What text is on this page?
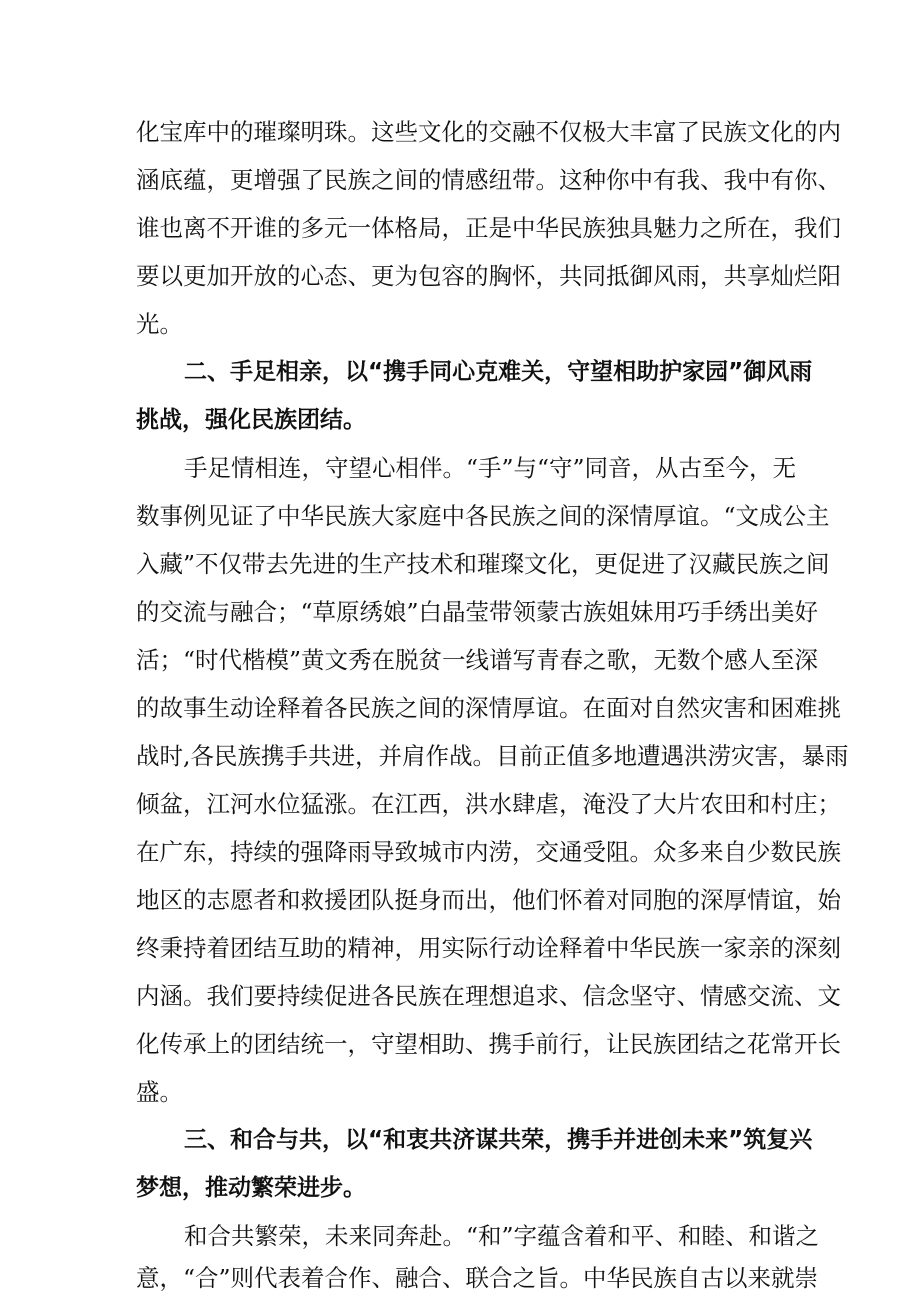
化宝库中的璀璨明珠。这些文化的交融不仅极大丰富了民族文化的内
涵底蕴，更增强了民族之间的情感纽带。这种你中有我、我中有你、
谁也离不开谁的多元一体格局，正是中华民族独具魅力之所在，我们
要以更加开放的心态、更为包容的胸怀，共同抵御风雨，共享灿烂阳
光。
二、手足相亲，以“携手同心克难关，守望相助护家园”御风雨
挑战，强化民族团结。
手足情相连，守望心相伴。“手”与“守”同音，从古至今，无
数事例见证了中华民族大家庭中各民族之间的深情厚谊。“文成公主
入藏”不仅带去先进的生产技术和璀璨文化，更促进了汉藏民族之间
的交流与融合；“草原绣娘”白晶莹带领蒙古族姐妹用巧手绣出美好
活；“时代楷模”黄文秀在脱贫一线谱写青春之歌，无数个感人至深
的故事生动诠释着各民族之间的深情厚谊。在面对自然灾害和困难挑
战时,各民族携手共进，并肩作战。目前正值多地遭遇洪涝灾害，暴雨
倾盆，江河水位猛涨。在江西，洪水肆虐，淹没了大片农田和村庄；
在广东，持续的强降雨导致城市内涝，交通受阻。众多来自少数民族
地区的志愿者和救援团队挺身而出，他们怀着对同胞的深厚情谊，始
终秉持着团结互助的精神，用实际行动诠释着中华民族一家亲的深刻
内涵。我们要持续促进各民族在理想追求、信念坚守、情感交流、文
化传承上的团结统一，守望相助、携手前行，让民族团结之花常开长
盛。
三、和合与共，以“和衷共济谋共荣，携手并进创未来”筑复兴
梦想，推动繁荣进步。
和合共繁荣，未来同奔赴。“和”字蕴含着和平、和睦、和谐之
意，“合”则代表着合作、融合、联合之旨。中华民族自古以来就崇
